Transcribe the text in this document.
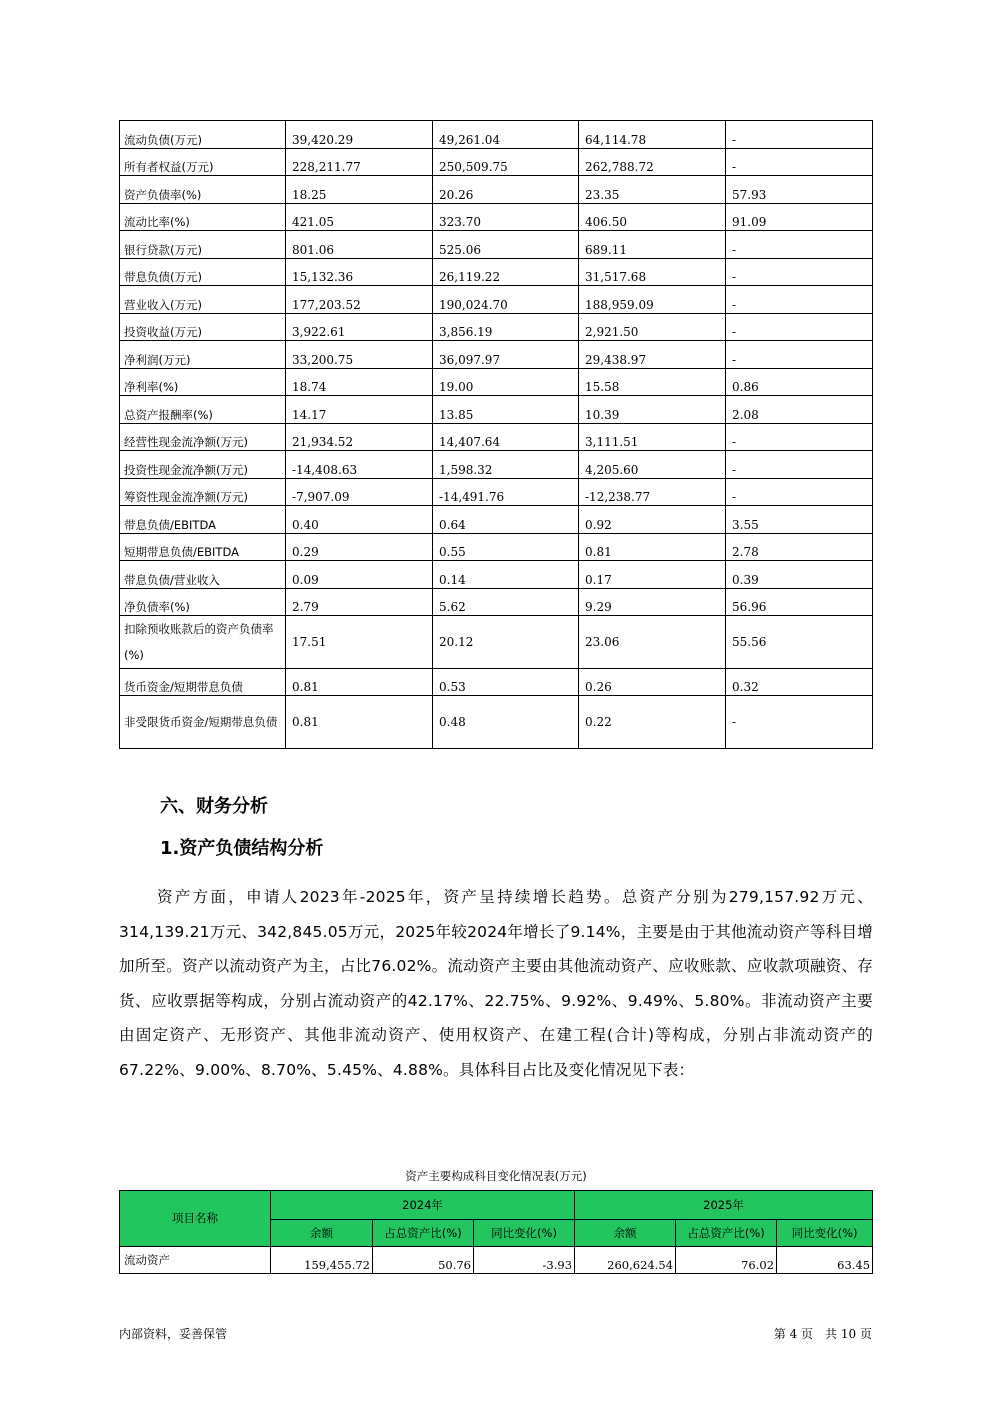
流动负债(万元)	39,420.29	49,261.04	64,114.78	-
所有者权益(万元)	228,211.77	250,509.75	262,788.72	-
资产负债率(%)	18.25	20.26	23.35	57.93
流动比率(%)	421.05	323.70	406.50	91.09
银行贷款(万元)	801.06	525.06	689.11	-
带息负债(万元)	15,132.36	26,119.22	31,517.68	-
营业收入(万元)	177,203.52	190,024.70	188,959.09	-
投资收益(万元)	3,922.61	3,856.19	2,921.50	-
净利润(万元)	33,200.75	36,097.97	29,438.97	-
净利率(%)	18.74	19.00	15.58	0.86
总资产报酬率(%)	14.17	13.85	10.39	2.08
经营性现金流净额(万元)	21,934.52	14,407.64	3,111.51	-
投资性现金流净额(万元)	-14,408.63	1,598.32	4,205.60	-
筹资性现金流净额(万元)	-7,907.09	-14,491.76	-12,238.77	-
带息负债/EBITDA	0.40	0.64	0.92	3.55
短期带息负债/EBITDA	0.29	0.55	0.81	2.78
带息负债/营业收入	0.09	0.14	0.17	0.39
净负债率(%)	2.79	5.62	9.29	56.96
扣除预收账款后的资产负债率(%)	17.51	20.12	23.06	55.56
货币资金/短期带息负债	0.81	0.53	0.26	0.32
非受限货币资金/短期带息负债	0.81	0.48	0.22	-
六、财务分析
1.资产负债结构分析

资产方面，申请人2023年-2025年，资产呈持续增长趋势。总资产分别为279,157.92万元、314,139.21万元、342,845.05万元，2025年较2024年增长了9.14%，主要是由于其他流动资产等科目增加所至。资产以流动资产为主，占比76.02%。流动资产主要由其他流动资产、应收账款、应收款项融资、存货、应收票据等构成，分别占流动资产的42.17%、22.75%、9.92%、9.49%、5.80%。非流动资产主要由固定资产、无形资产、其他非流动资产、使用权资产、在建工程(合计)等构成，分别占非流动资产的67.22%、9.00%、8.70%、5.45%、4.88%。具体科目占比及变化情况见下表：

资产主要构成科目变化情况表(万元)
项目名称	2024年			2025年		
	余额	占总资产比(%)	同比变化(%)	余额	占总资产比(%)	同比变化(%)
流动资产	159,455.72	50.76	-3.93	260,624.54	76.02	63.45
内部资料，妥善保管	第 4 页　共 10 页
